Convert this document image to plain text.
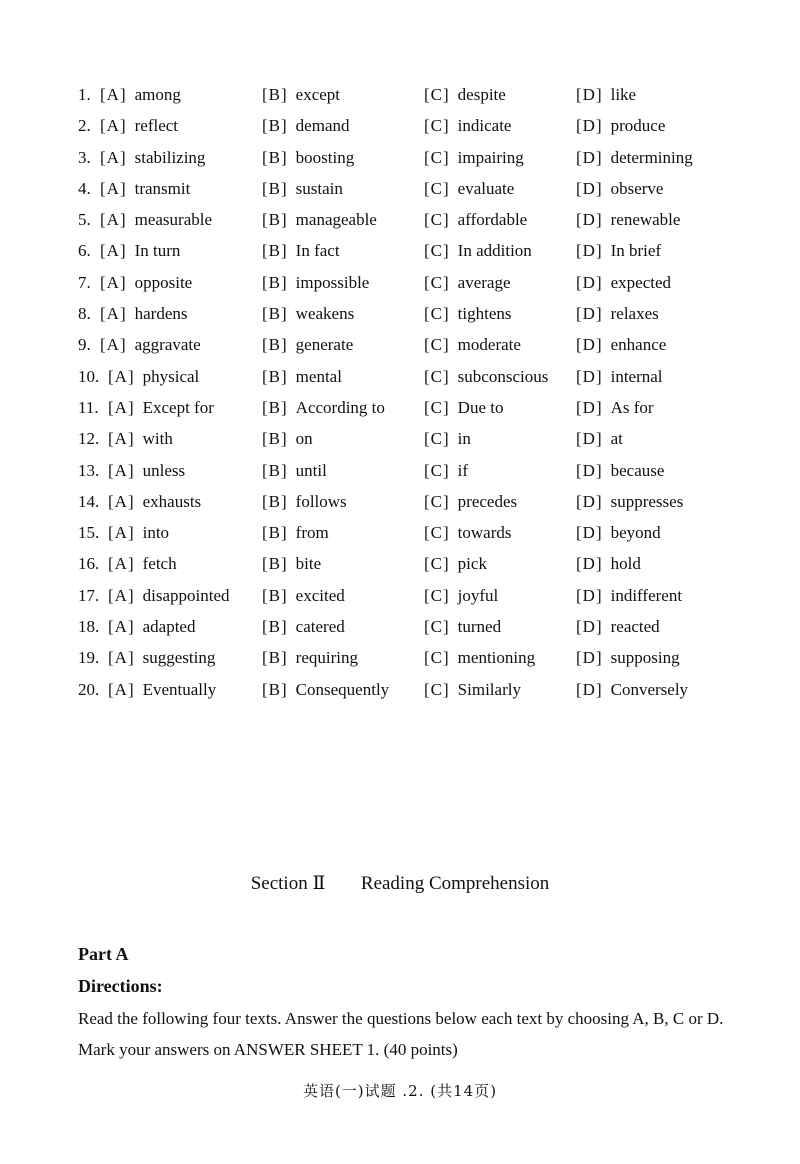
1. [A] among	[B] except	[C] despite	[D] like
2. [A] reflect	[B] demand	[C] indicate	[D] produce
3. [A] stabilizing	[B] boosting	[C] impairing	[D] determining
4. [A] transmit	[B] sustain	[C] evaluate	[D] observe
5. [A] measurable	[B] manageable	[C] affordable	[D] renewable
6. [A] In turn	[B] In fact	[C] In addition	[D] In brief
7. [A] opposite	[B] impossible	[C] average	[D] expected
8. [A] hardens	[B] weakens	[C] tightens	[D] relaxes
9. [A] aggravate	[B] generate	[C] moderate	[D] enhance
10. [A] physical	[B] mental	[C] subconscious [D] internal
11. [A] Except for	[B] According to [C] Due to	[D] As for
12. [A] with	[B] on	[C] in	[D] at
13. [A] unless	[B] until	[C] if	[D] because
14. [A] exhausts	[B] follows	[C] precedes	[D] suppresses
15. [A] into	[B] from	[C] towards	[D] beyond
16. [A] fetch	[B] bite	[C] pick	[D] hold
17. [A] disappointed [B] excited	[C] joyful	[D] indifferent
18. [A] adapted	[B] catered	[C] turned	[D] reacted
19. [A] suggesting	[B] requiring	[C] mentioning [D] supposing
20. [A] Eventually	[B] Consequently [C] Similarly	[D] Conversely
Section Ⅱ Reading Comprehension
Part A
Directions:
Read the following four texts. Answer the questions below each text by choosing A, B, C or D. Mark your answers on ANSWER SHEET 1. (40 points)
英语(一)试题 .2. (共14页)
